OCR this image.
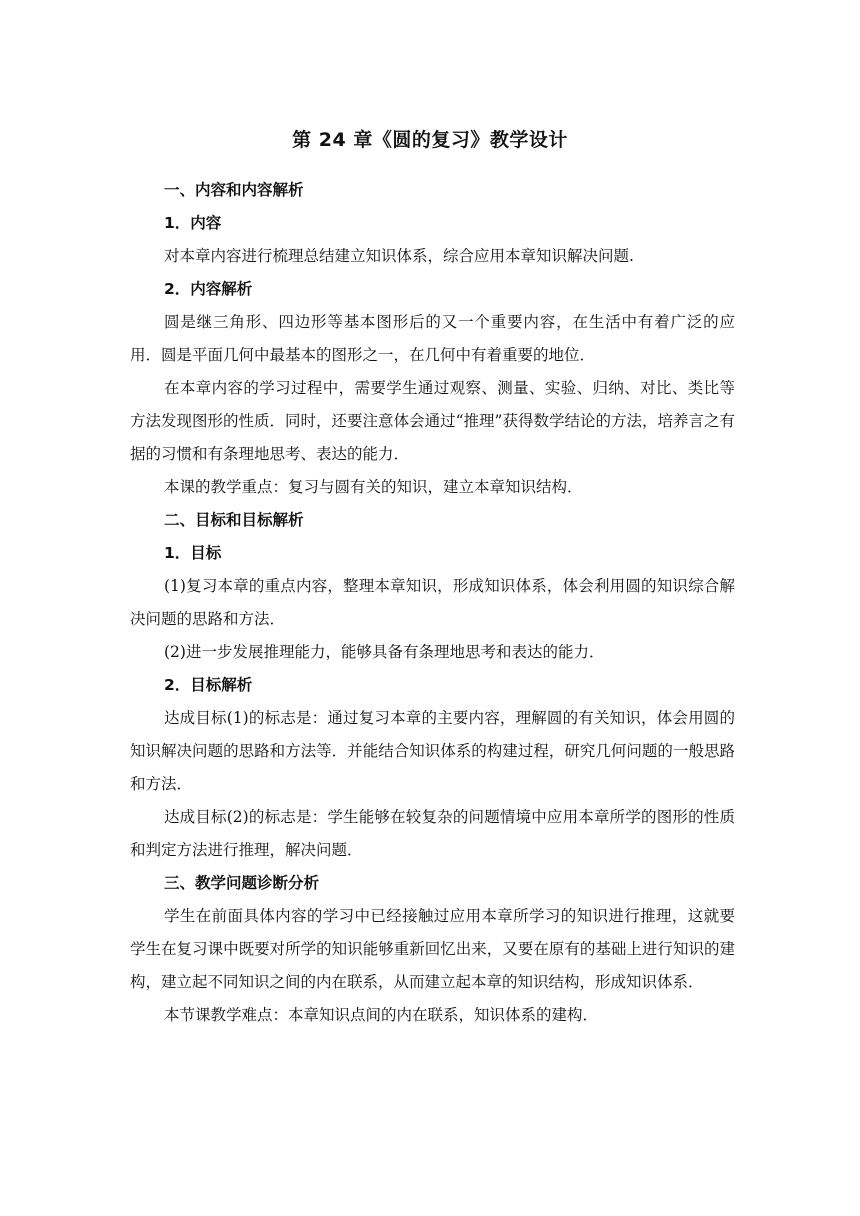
第 24 章《圆的复习》教学设计

一、内容和内容解析

1．内容

对本章内容进行梳理总结建立知识体系，综合应用本章知识解决问题.

2．内容解析

圆是继三角形、四边形等基本图形后的又一个重要内容，在生活中有着广泛的应用．圆是平面几何中最基本的图形之一，在几何中有着重要的地位．

在本章内容的学习过程中，需要学生通过观察、测量、实验、归纳、对比、类比等方法发现图形的性质．同时，还要注意体会通过“推理”获得数学结论的方法，培养言之有据的习惯和有条理地思考、表达的能力．

本课的教学重点：复习与圆有关的知识，建立本章知识结构．

二、目标和目标解析

1．目标

(1)复习本章的重点内容，整理本章知识，形成知识体系，体会利用圆的知识综合解决问题的思路和方法．

(2)进一步发展推理能力，能够具备有条理地思考和表达的能力．

2．目标解析

达成目标(1)的标志是：通过复习本章的主要内容，理解圆的有关知识，体会用圆的知识解决问题的思路和方法等．并能结合知识体系的构建过程，研究几何问题的一般思路和方法．

达成目标(2)的标志是：学生能够在较复杂的问题情境中应用本章所学的图形的性质和判定方法进行推理，解决问题．

三、教学问题诊断分析

学生在前面具体内容的学习中已经接触过应用本章所学习的知识进行推理，这就要学生在复习课中既要对所学的知识能够重新回忆出来，又要在原有的基础上进行知识的建构，建立起不同知识之间的内在联系，从而建立起本章的知识结构，形成知识体系．

本节课教学难点：本章知识点间的内在联系，知识体系的建构．
